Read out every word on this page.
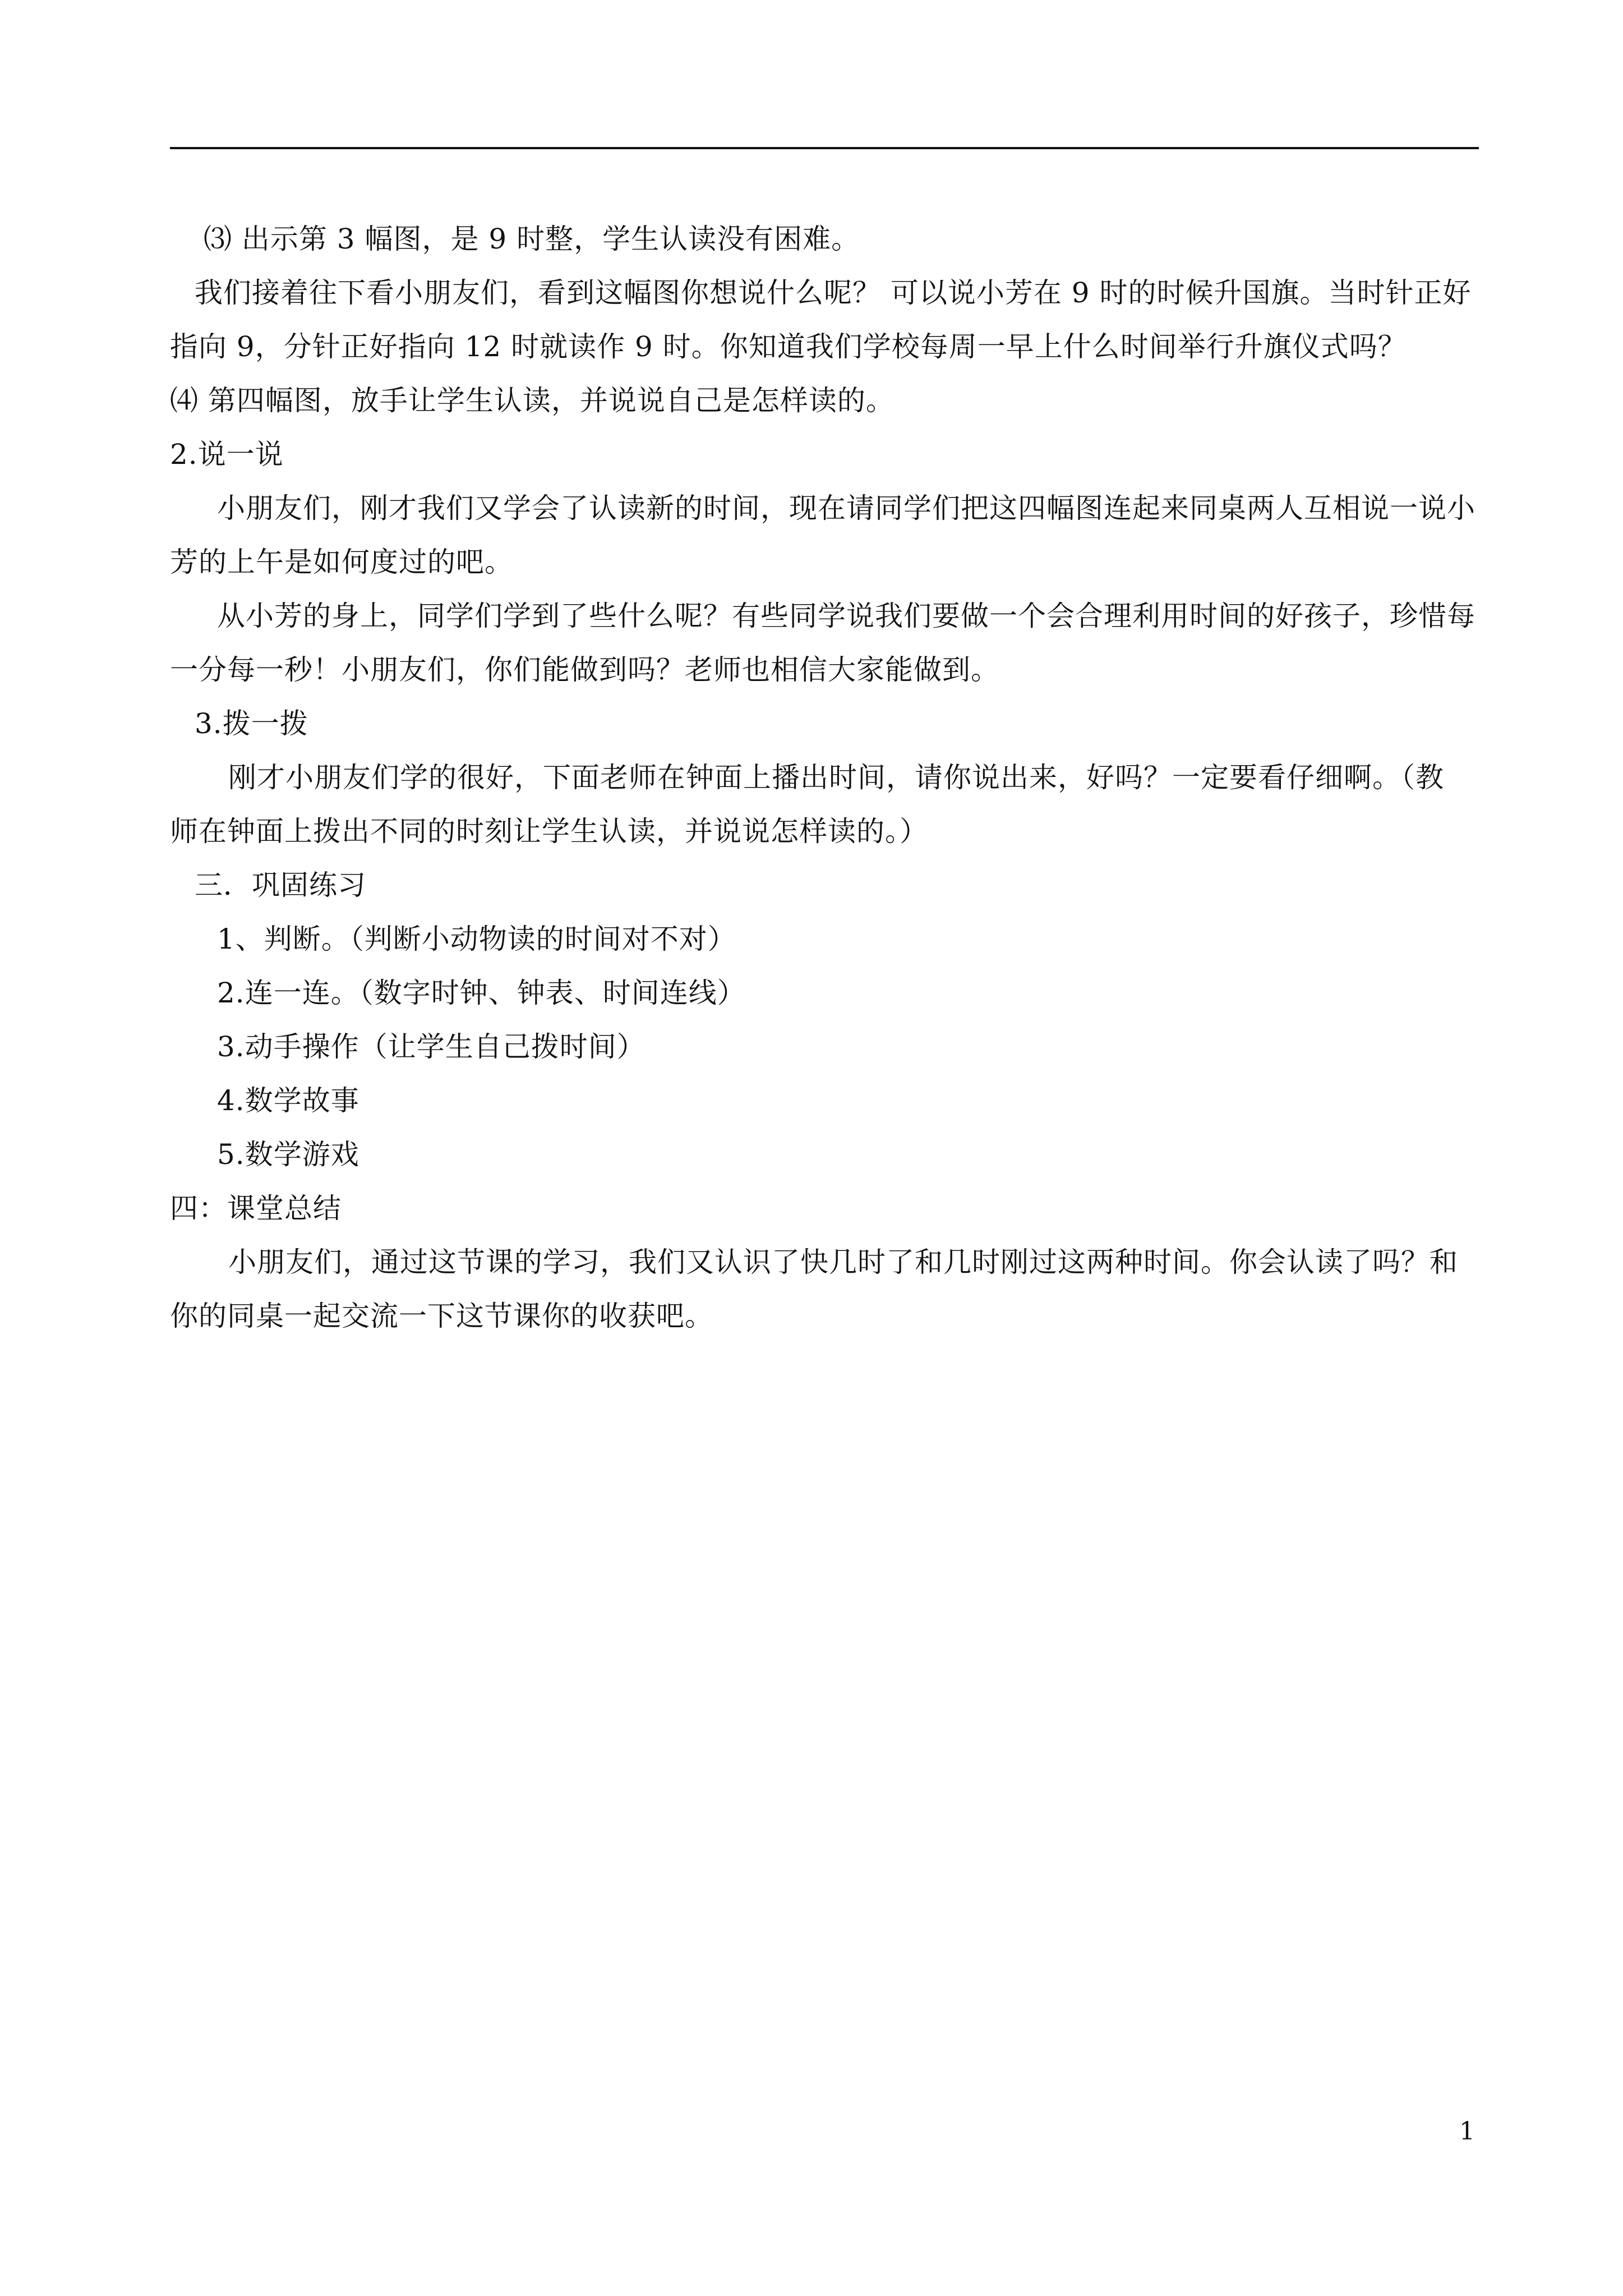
⑶ 出示第 3 幅图，是 9 时整，学生认读没有困难。
我们接着往下看小朋友们，看到这幅图你想说什么呢？ 可以说小芳在 9 时的时候升国旗。当时针正好
指向 9，分针正好指向 12 时就读作 9 时。你知道我们学校每周一早上什么时间举行升旗仪式吗？
⑷ 第四幅图，放手让学生认读，并说说自己是怎样读的。
2.说一说
小朋友们，刚才我们又学会了认读新的时间，现在请同学们把这四幅图连起来同桌两人互相说一说小
芳的上午是如何度过的吧。
从小芳的身上，同学们学到了些什么呢？有些同学说我们要做一个会合理利用时间的好孩子，珍惜每
一分每一秒！小朋友们，你们能做到吗？老师也相信大家能做到。
3.拨一拨
刚才小朋友们学的很好，下面老师在钟面上播出时间，请你说出来，好吗？一定要看仔细啊。（教
师在钟面上拨出不同的时刻让学生认读，并说说怎样读的。）
三．巩固练习
1、判断。（判断小动物读的时间对不对）
2.连一连。（数字时钟、钟表、时间连线）
3.动手操作（让学生自己拨时间）
4.数学故事
5.数学游戏
四：课堂总结
小朋友们，通过这节课的学习，我们又认识了快几时了和几时刚过这两种时间。你会认读了吗？和
你的同桌一起交流一下这节课你的收获吧。
1
